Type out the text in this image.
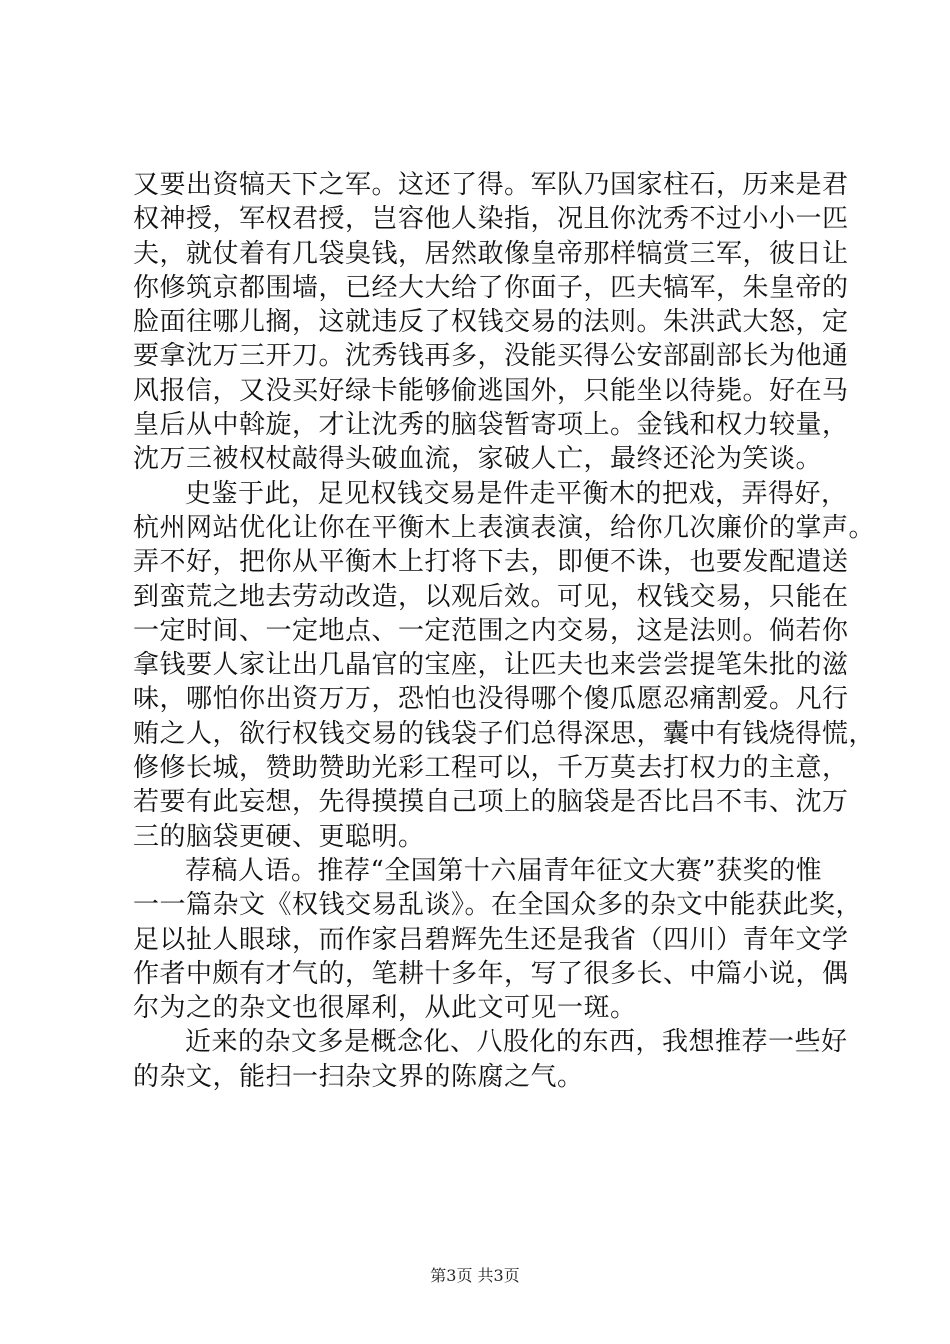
又要出资犒天下之军。这还了得。军队乃国家柱石，历来是君
权神授，军权君授，岂容他人染指，况且你沈秀不过小小一匹
夫，就仗着有几袋臭钱，居然敢像皇帝那样犒赏三军，彼日让
你修筑京都围墙，已经大大给了你面子，匹夫犒军，朱皇帝的
脸面往哪儿搁，这就违反了权钱交易的法则。朱洪武大怒，定
要拿沈万三开刀。沈秀钱再多，没能买得公安部副部长为他通
风报信，又没买好绿卡能够偷逃国外，只能坐以待毙。好在马
皇后从中斡旋，才让沈秀的脑袋暂寄项上。金钱和权力较量，
沈万三被权杖敲得头破血流，家破人亡，最终还沦为笑谈。
史鉴于此，足见权钱交易是件走平衡木的把戏，弄得好，
杭州网站优化让你在平衡木上表演表演，给你几次廉价的掌声。
弄不好，把你从平衡木上打将下去，即便不诛，也要发配遣送
到蛮荒之地去劳动改造，以观后效。可见，权钱交易，只能在
一定时间、一定地点、一定范围之内交易，这是法则。倘若你
拿钱要人家让出几晶官的宝座，让匹夫也来尝尝提笔朱批的滋
味，哪怕你出资万万，恐怕也没得哪个傻瓜愿忍痛割爱。凡行
贿之人，欲行权钱交易的钱袋子们总得深思，囊中有钱烧得慌，
修修长城，赞助赞助光彩工程可以，千万莫去打权力的主意，
若要有此妄想，先得摸摸自己项上的脑袋是否比吕不韦、沈万
三的脑袋更硬、更聪明。
荐稿人语。推荐“全国第十六届青年征文大赛”获奖的惟
一一篇杂文《权钱交易乱谈》。在全国众多的杂文中能获此奖，
足以扯人眼球，而作家吕碧辉先生还是我省（四川）青年文学
作者中颇有才气的，笔耕十多年，写了很多长、中篇小说，偶
尔为之的杂文也很犀利，从此文可见一斑。
近来的杂文多是概念化、八股化的东西，我想推荐一些好
的杂文，能扫一扫杂文界的陈腐之气。
第3页 共3页
